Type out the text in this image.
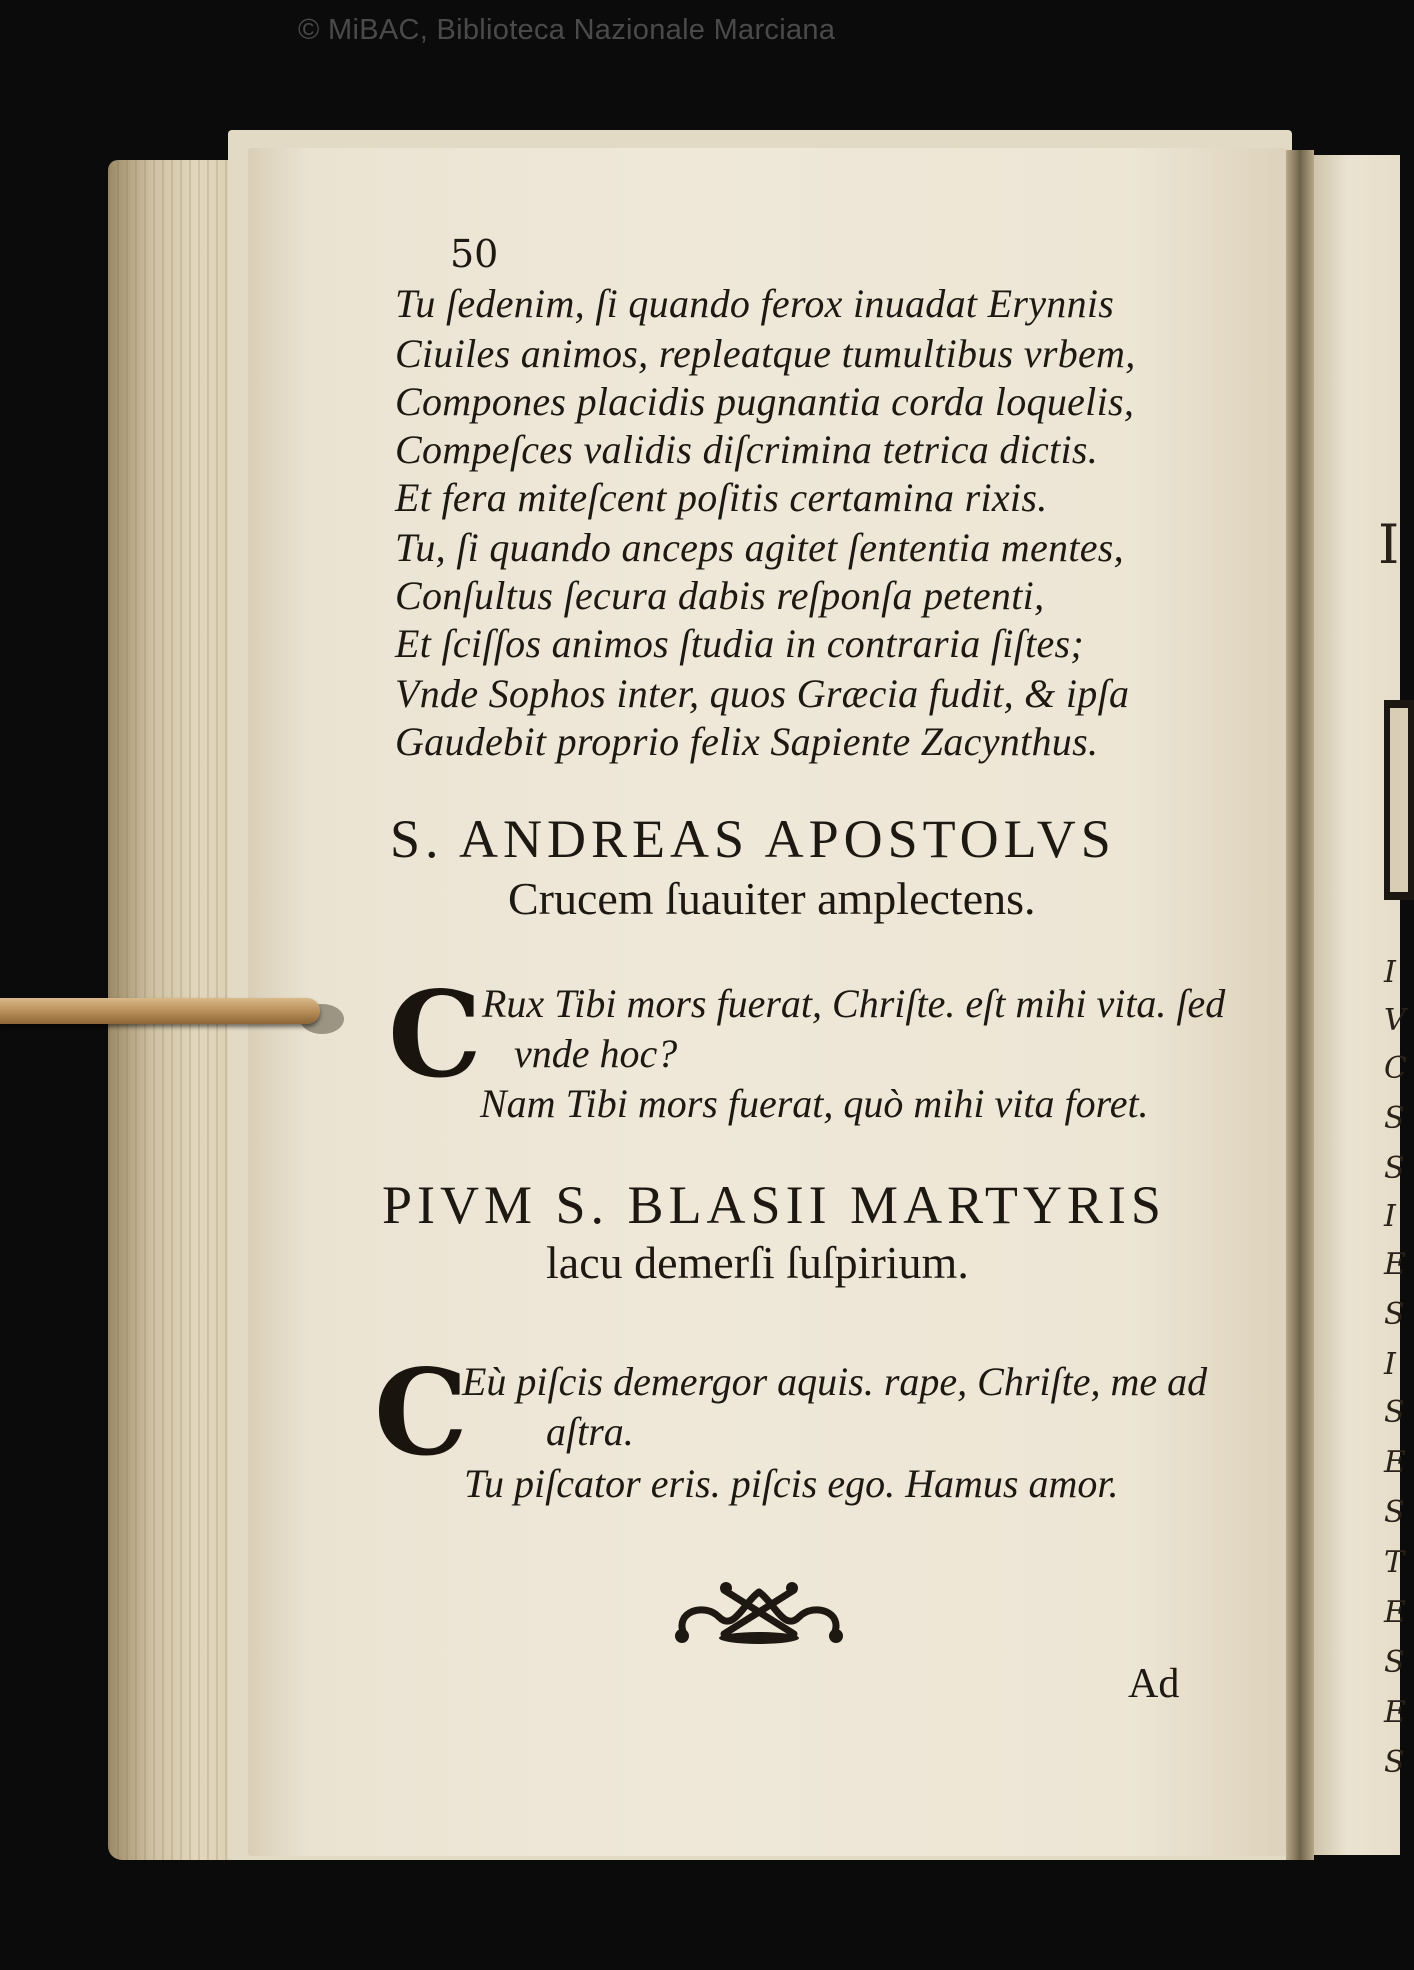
© MiBAC, Biblioteca Nazionale Marciana
I
I
V
C
S
S
I
E
S
I
S
E
S
T
E
S
E
S
50
Tu ſedenim, ſi quando ferox inuadat Erynnis
Ciuiles animos, repleatque tumultibus vrbem,
Compones placidis pugnantia corda loquelis,
Compeſces validis diſcrimina tetrica dictis.
Et fera miteſcent poſitis certamina rixis.
Tu, ſi quando anceps agitet ſententia mentes,
Conſultus ſecura dabis reſponſa petenti,
Et ſciſſos animos ſtudia in contraria ſiſtes;
Vnde Sophos inter, quos Græcia fudit, & ipſa
Gaudebit proprio felix Sapiente Zacynthus.
S. ANDREAS APOSTOLVS
Crucem ſuauiter amplectens.
C Rux Tibi mors fuerat, Chriſte. eſt mihi vita. ſed
vnde hoc?
Nam Tibi mors fuerat, quò mihi vita foret.
PIVM S. BLASII MARTYRIS
lacu demerſi ſuſpirium.
C
Eù piſcis demergor aquis. rape, Chriſte, me ad
aſtra.
Tu piſcator eris. piſcis ego. Hamus amor.
Ad
